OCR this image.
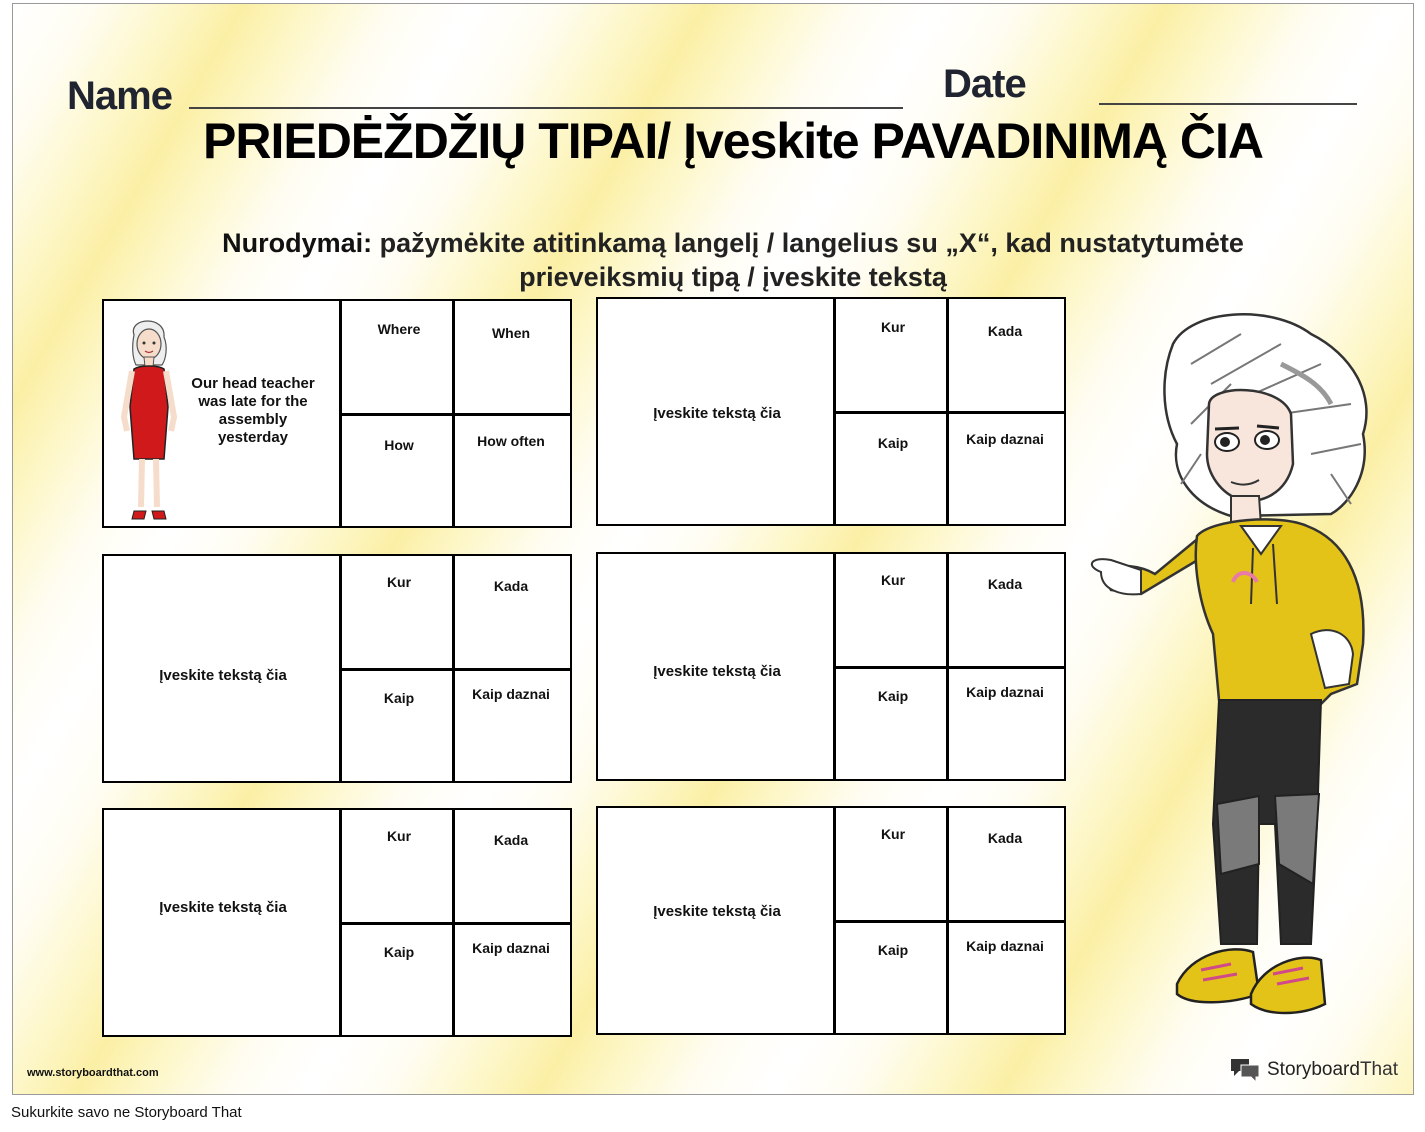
Name	Date
PRIEDĖŽDŽIŲ TIPAI/ Įveskite PAVADINIMĄ ČIA
Nurodymai: pažymėkite atitinkamą langelį / langelius su „X“, kad nustatytumėte prieveiksmių tipą / įveskite tekstą
Our head teacher was late for the assembly yesterday
Where	When
How	How often
Įveskite tekstą čia
Kur	Kada
Kaip	Kaip daznai
Įveskite tekstą čia
Kur	Kada
Kaip	Kaip daznai
Įveskite tekstą čia
Kur	Kada
Kaip	Kaip daznai
Įveskite tekstą čia
Kur	Kada
Kaip	Kaip daznai
Įveskite tekstą čia
Kur	Kada
Kaip	Kaip daznai
www.storyboardthat.com	StoryboardThat
Sukurkite savo ne Storyboard That
